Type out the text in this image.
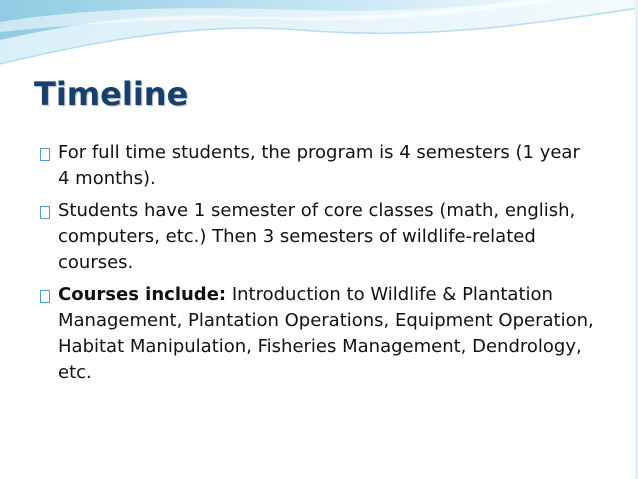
Timeline
For full time students, the program is 4 semesters (1 year 4 months).
Students have 1 semester of core classes (math, english, computers, etc.) Then 3 semesters of wildlife-related courses.
Courses include: Introduction to Wildlife & Plantation Management, Plantation Operations, Equipment Operation, Habitat Manipulation, Fisheries Management, Dendrology, etc.
